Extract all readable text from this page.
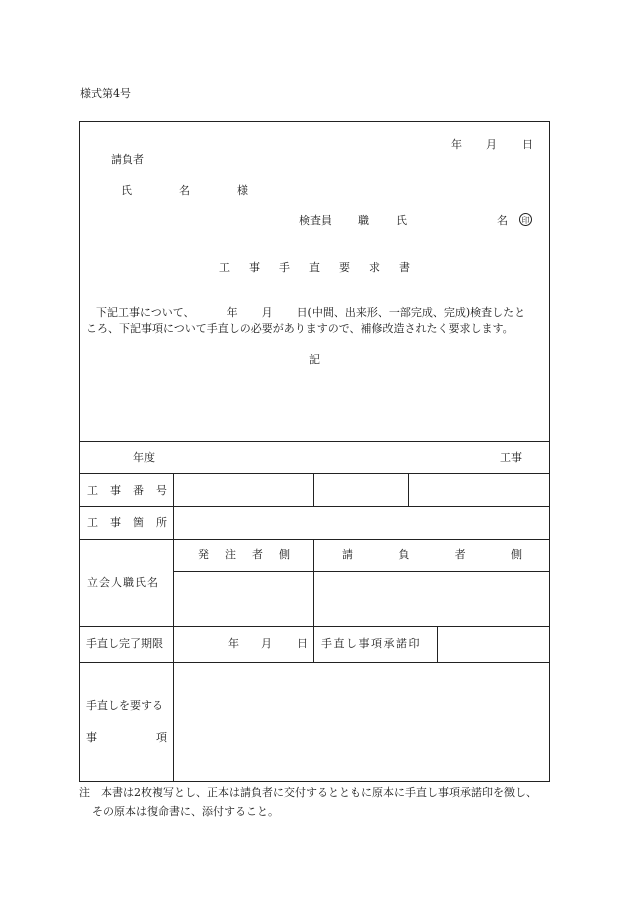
様式第4号
年 月 日
請負者
氏	名	様
検査員 職 氏	名	印
工 事 手 直 要 求 書
下記工事について、	年 月 日(中間、出来形、一部完成、完成)検査したと
ころ、下記事項について手直しの必要がありますので、補修改造されたく要求します。
記
年度	工事
工 事 番 号
工 事 箇 所
立会人職氏名
発 注 者 側	請	負	者	側
手直し完了期限	年 月 日 手直し事項承諾印
手直しを要する
事	項
注　本書は2枚複写とし、正本は請負者に交付するとともに原本に手直し事項承諾印を徴し、
その原本は復命書に、添付すること。
